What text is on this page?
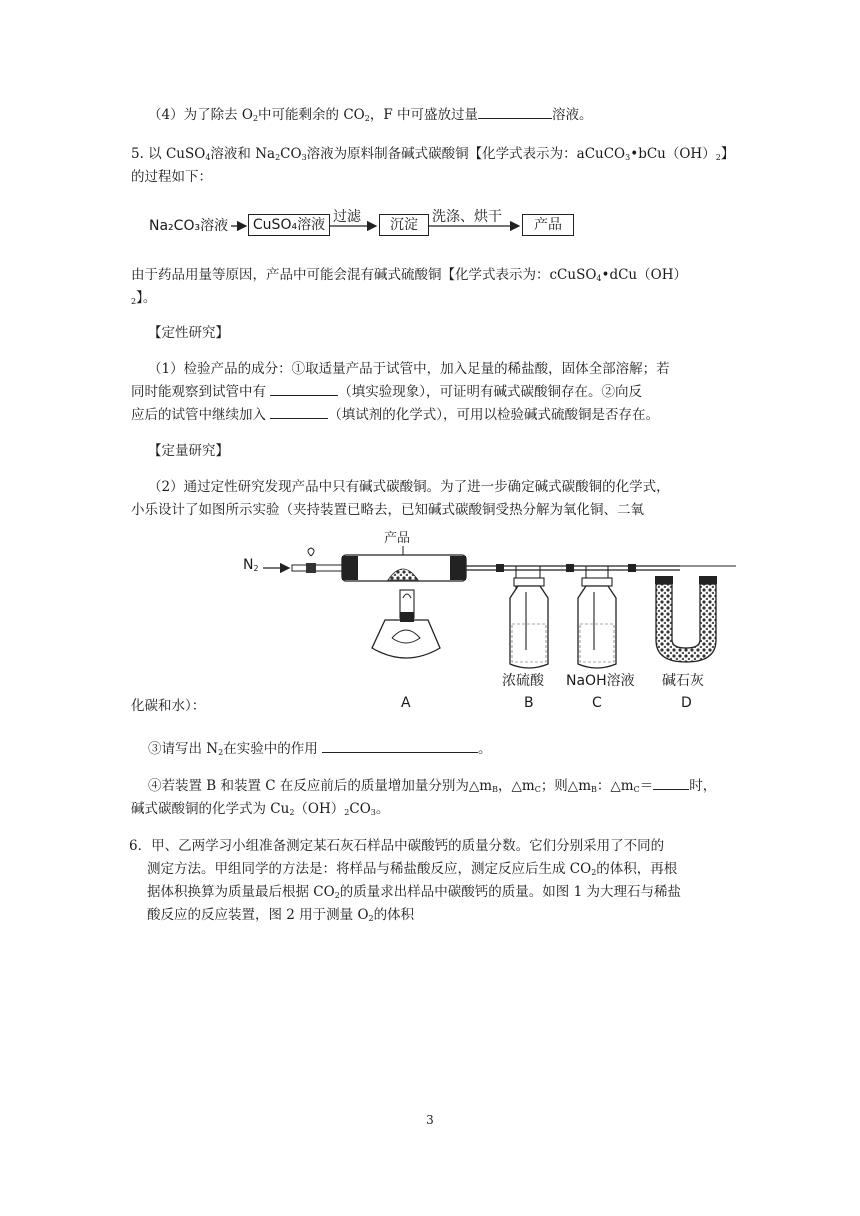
（4）为了除去 $O_2$中可能剩余的 $CO_2$，F 中可盛放过量	溶液。
5. 以 CuSO$_4$溶液和 $Na_2CO_3$溶液为原料制备碱式碳酸铜【化学式表示为：$aCuCO_3•bCu(OH)_2$】
的过程如下：
Na₂CO₃溶液	CuSO₄溶液 过滤	沉淀	洗涤、烘干	产品
由于药品用量等原因，产品中可能会混有碱式硫酸铜【化学式表示为：cCuSO$_4$•dCu（OH）
$_2$】。
【定性研究】
（1）检验产品的成分：①取适量产品于试管中，加入足量的稀盐酸，固体全部溶解；若
同时能观察到试管中有	（填实验现象），可证明有碱式碳酸铜存在。②向反
应后的试管中继续加入	（填试剂的化学式），可用以检验碱式硫酸铜是否存在。
【定量研究】
（2）通过定性研究发现产品中只有碱式碳酸铜。为了进一步确定碱式碳酸铜的化学式，
小乐设计了如图所示实验（夹持装置已略去，已知碱式碳酸铜受热分解为氧化铜、二氧
化碳和水）：
$N_2$
产品
浓硫酸 NaOH溶液 碱石灰
A	B	C	D
③请写出 $N_2$在实验中的作用	。
④若装置 B 和装置 C 在反应前后的质量增加量分别为$\triangle m_B$，$\triangle m_C$；则$\triangle m_B$：$\triangle m_C=$	时，
碱式碳酸铜的化学式为 $Cu_2(OH)_2CO_3$。
6．甲、乙两学习小组准备测定某石灰石样品中碳酸钙的质量分数。它们分别采用了不同的
测定方法。甲组同学的方法是：将样品与稀盐酸反应，测定反应后生成 $CO_2$的体积，再根
据体积换算为质量最后根据 $CO_2$的质量求出样品中碳酸钙的质量。如图 1 为大理石与稀盐
酸反应的反应装置，图 2 用于测量 $O_2$的体积
3
